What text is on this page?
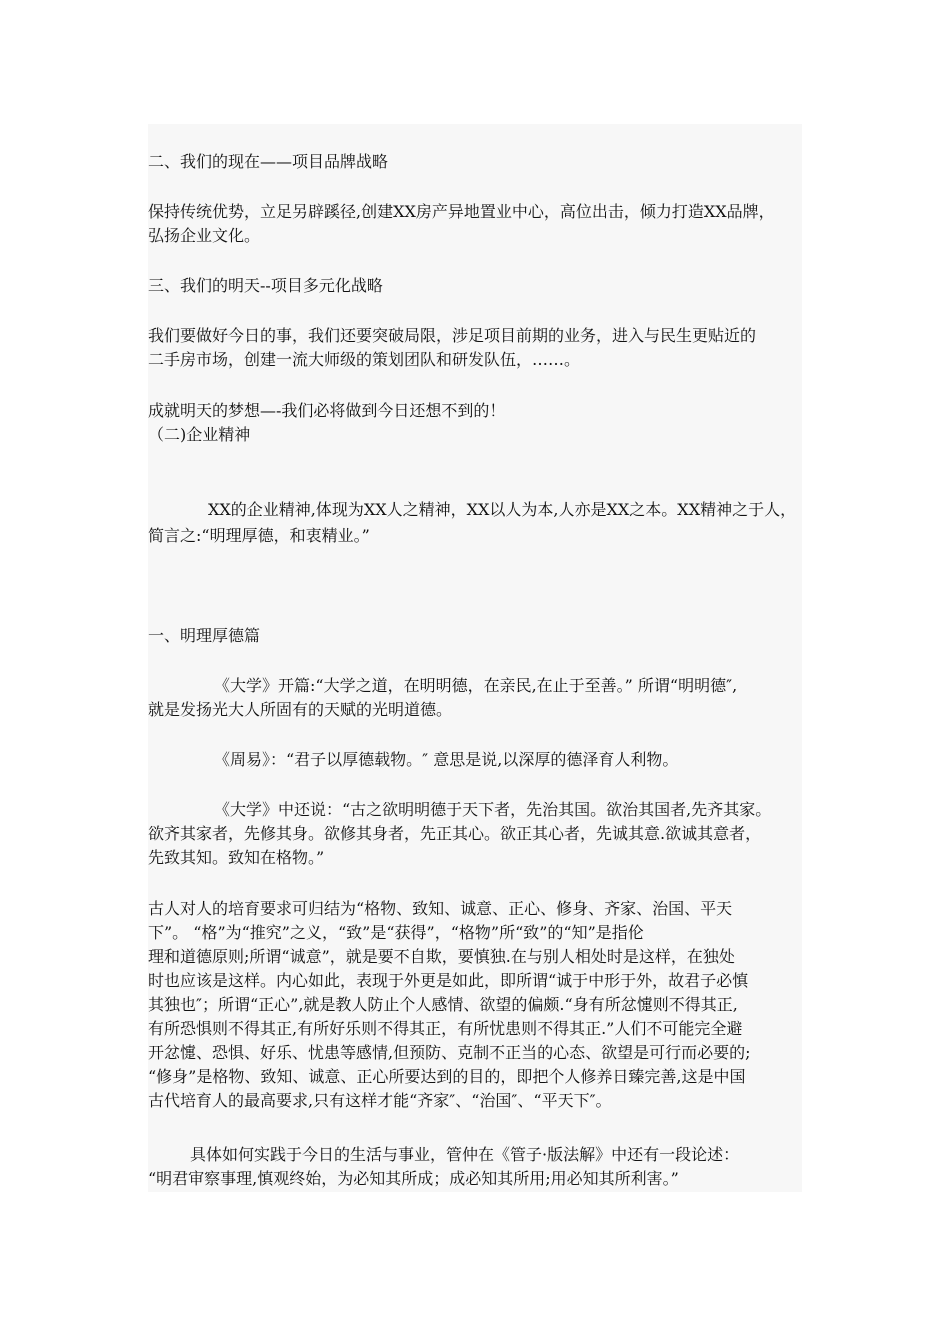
二、我们的现在——项目品牌战略
保持传统优势，立足另辟蹊径,创建XX房产异地置业中心，高位出击，倾力打造XX品牌，
弘扬企业文化。
三、我们的明天--项目多元化战略
我们要做好今日的事，我们还要突破局限，涉足项目前期的业务，进入与民生更贴近的
二手房市场，创建一流大师级的策划团队和研发队伍，……。
成就明天的梦想—-我们必将做到今日还想不到的！
（二)企业精神
XX的企业精神,体现为XX人之精神，XX以人为本,人亦是XX之本。XX精神之于人，
简言之:“明理厚德，和衷精业。”
一、明理厚德篇
《大学》开篇:“大学之道，在明明德，在亲民,在止于至善。” 所谓“明明德″,
就是发扬光大人所固有的天赋的光明道德。
《周易》：“君子以厚德载物。″ 意思是说,以深厚的德泽育人利物。
《大学》中还说：“古之欲明明德于天下者，先治其国。欲治其国者,先齐其家。
欲齐其家者，先修其身。欲修其身者，先正其心。欲正其心者，先诚其意.欲诚其意者，
先致其知。致知在格物。”
古人对人的培育要求可归结为“格物、致知、诚意、正心、修身、齐家、治国、平天
下”。 “格”为“推究”之义，“致”是“获得”，“格物”所“致”的“知”是指伦
理和道德原则;所谓“诚意”，就是要不自欺，要慎独.在与别人相处时是这样，在独处
时也应该是这样。内心如此，表现于外更是如此，即所谓“诚于中形于外，故君子必慎
其独也″；所谓“正心”,就是教人防止个人感情、欲望的偏颇.“身有所忿懥则不得其正,
有所恐惧则不得其正,有所好乐则不得其正，有所忧患则不得其正.”人们不可能完全避
开忿懥、恐惧、好乐、忧患等感情,但预防、克制不正当的心态、欲望是可行而必要的;
“修身”是格物、致知、诚意、正心所要达到的目的，即把个人修养日臻完善,这是中国
古代培育人的最高要求,只有这样才能“齐家″、“治国″、“平天下″。
具体如何实践于今日的生活与事业，管仲在《管子·版法解》中还有一段论述：
“明君审察事理,慎观终始，为必知其所成；成必知其所用;用必知其所利害。”
